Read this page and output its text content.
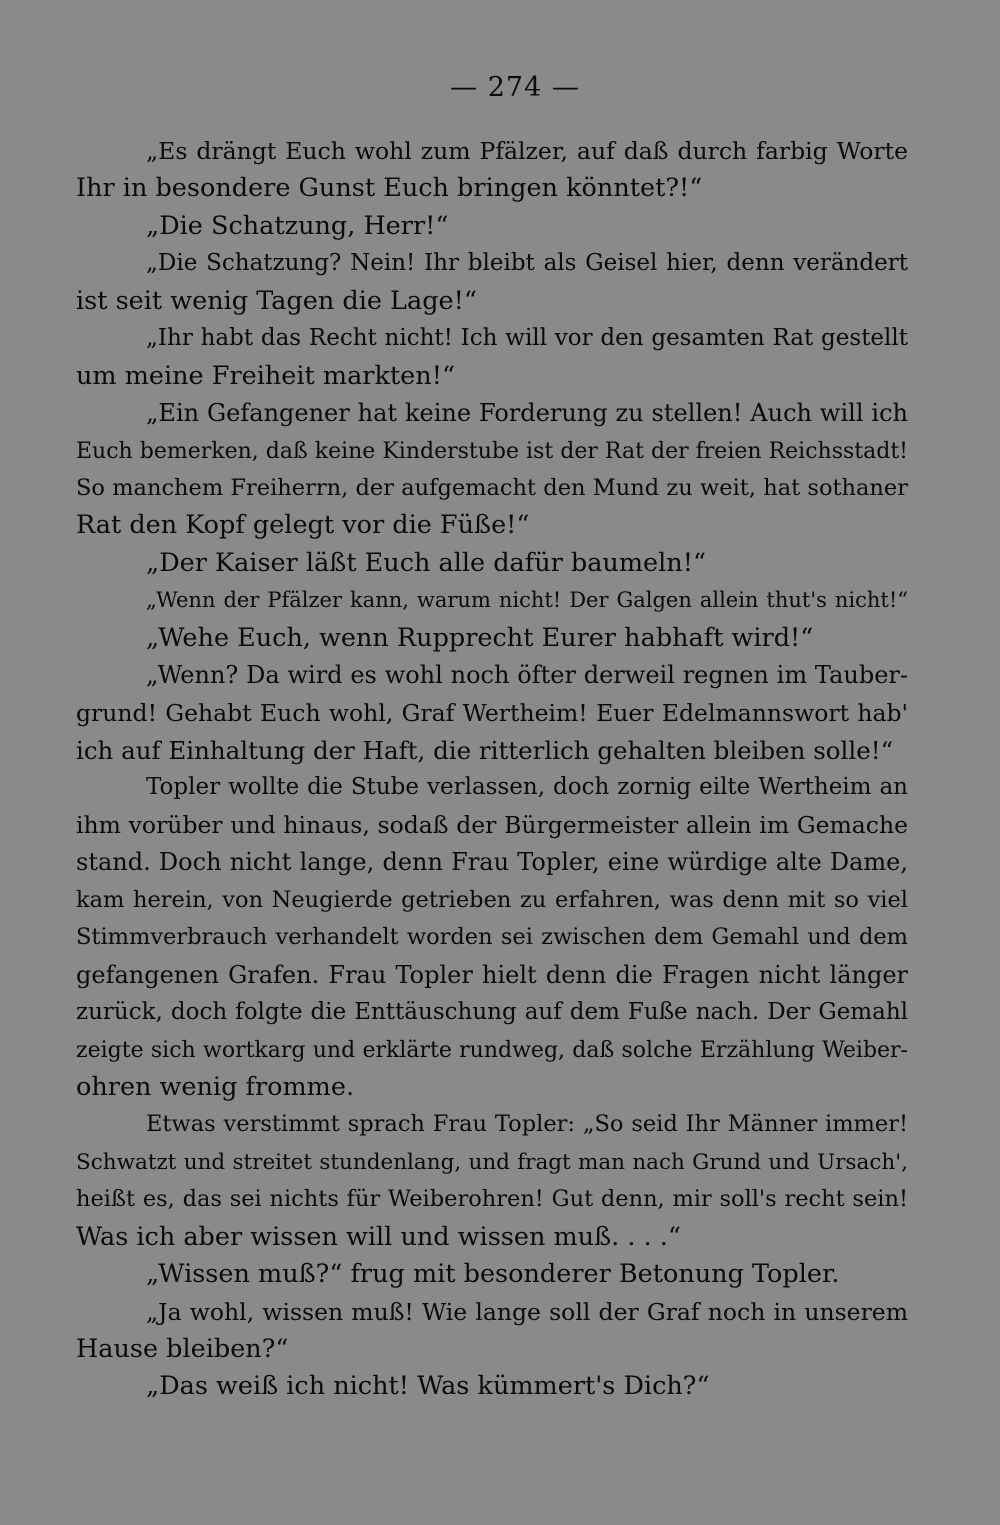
— 274 —
„Es drängt Euch wohl zum Pfälzer, auf daß durch farbig Worte
Ihr in besondere Gunst Euch bringen könntet?!“
„Die Schatzung, Herr!“
„Die Schatzung? Nein! Ihr bleibt als Geisel hier, denn verändert
ist seit wenig Tagen die Lage!“
„Ihr habt das Recht nicht! Ich will vor den gesamten Rat gestellt
um meine Freiheit markten!“
„Ein Gefangener hat keine Forderung zu stellen! Auch will ich
Euch bemerken, daß keine Kinderstube ist der Rat der freien Reichsstadt!
So manchem Freiherrn, der aufgemacht den Mund zu weit, hat sothaner
Rat den Kopf gelegt vor die Füße!“
„Der Kaiser läßt Euch alle dafür baumeln!“
„Wenn der Pfälzer kann, warum nicht! Der Galgen allein thut's nicht!“
„Wehe Euch, wenn Rupprecht Eurer habhaft wird!“
„Wenn? Da wird es wohl noch öfter derweil regnen im Tauber-
grund! Gehabt Euch wohl, Graf Wertheim! Euer Edelmannswort hab'
ich auf Einhaltung der Haft, die ritterlich gehalten bleiben solle!“
Topler wollte die Stube verlassen, doch zornig eilte Wertheim an
ihm vorüber und hinaus, sodaß der Bürgermeister allein im Gemache
stand. Doch nicht lange, denn Frau Topler, eine würdige alte Dame,
kam herein, von Neugierde getrieben zu erfahren, was denn mit so viel
Stimmverbrauch verhandelt worden sei zwischen dem Gemahl und dem
gefangenen Grafen. Frau Topler hielt denn die Fragen nicht länger
zurück, doch folgte die Enttäuschung auf dem Fuße nach. Der Gemahl
zeigte sich wortkarg und erklärte rundweg, daß solche Erzählung Weiber-
ohren wenig fromme.
Etwas verstimmt sprach Frau Topler: „So seid Ihr Männer immer!
Schwatzt und streitet stundenlang, und fragt man nach Grund und Ursach',
heißt es, das sei nichts für Weiberohren! Gut denn, mir soll's recht sein!
Was ich aber wissen will und wissen muß. . . .“
„Wissen muß?“ frug mit besonderer Betonung Topler.
„Ja wohl, wissen muß! Wie lange soll der Graf noch in unserem
Hause bleiben?“
„Das weiß ich nicht! Was kümmert's Dich?“
